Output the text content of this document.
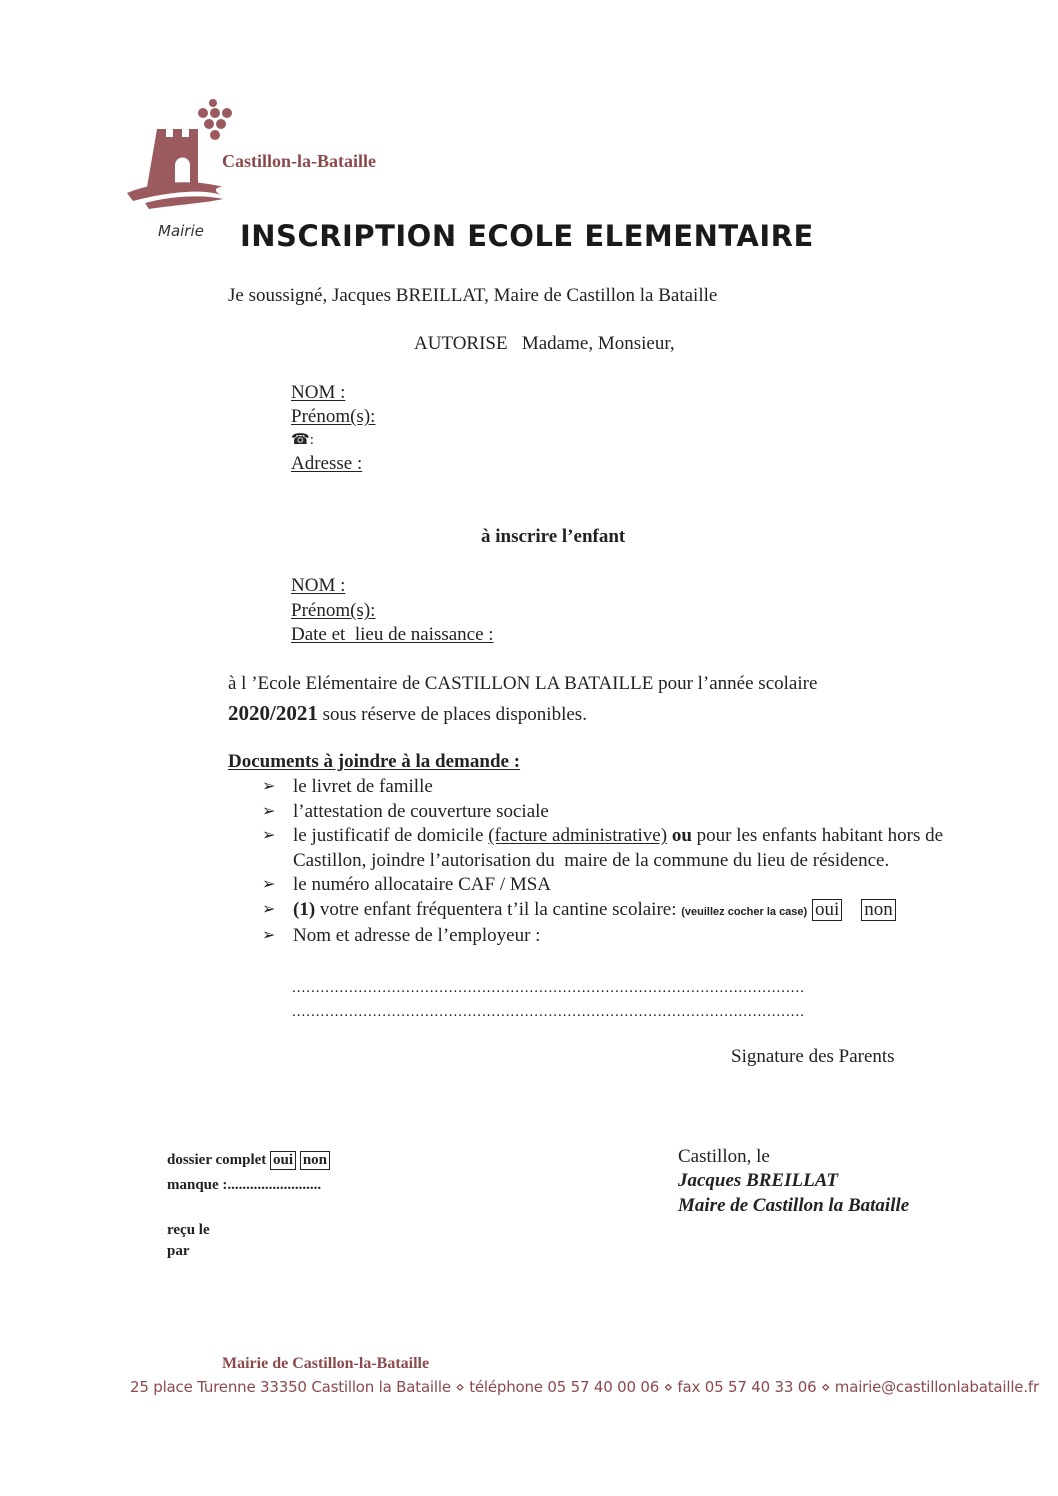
Castillon-la-Bataille
Mairie INSCRIPTION ECOLE ELEMENTAIRE
Je soussigné, Jacques BREILLAT, Maire de Castillon la Bataille
AUTORISE   Madame, Monsieur,
NOM :
Prénom(s):
☎:
Adresse :
à inscrire l’enfant
NOM :
Prénom(s):
Date et  lieu de naissance :
à l ’Ecole Elémentaire de CASTILLON LA BATAILLE pour l’année scolaire
2020/2021 sous réserve de places disponibles.
Documents à joindre à la demande :
➢ le livret de famille
➢ l’attestation de couverture sociale
➢ le justificatif de domicile (facture administrative) ou pour les enfants habitant hors de Castillon, joindre l’autorisation du  maire de la commune du lieu de résidence.
➢ le numéro allocataire CAF / MSA
➢ (1) votre enfant fréquentera t’il la cantine scolaire: (veuillez cocher la case) oui non
➢ Nom et adresse de l’employeur :
............................................................................................................
............................................................................................................
Signature des Parents
dossier complet oui non
manque :.........................
reçu le
par
Castillon, le
Jacques BREILLAT
Maire de Castillon la Bataille
Mairie de Castillon-la-Bataille
25 place Turenne 33350 Castillon la Bataille ⋄ téléphone 05 57 40 00 06 ⋄ fax 05 57 40 33 06 ⋄ mairie@castillonlabataille.fr
